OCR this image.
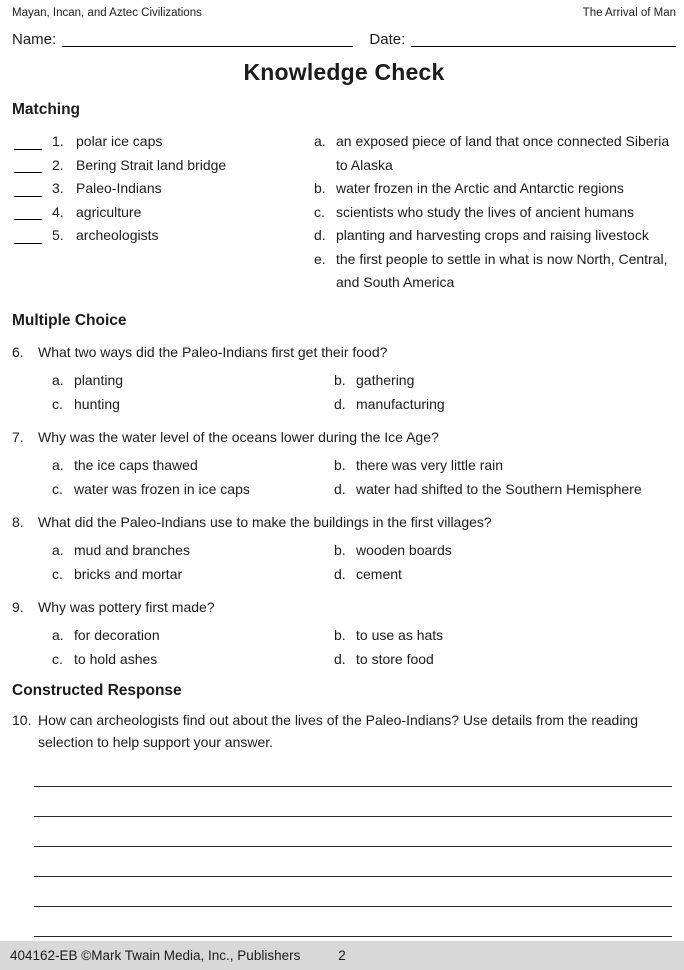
Mayan, Incan, and Aztec Civilizations	The Arrival of Man
Name:	Date:
Knowledge Check
Matching
1. polar ice caps
2. Bering Strait land bridge
3. Paleo-Indians
4. agriculture
5. archeologists
a. an exposed piece of land that once connected Siberia to Alaska
b. water frozen in the Arctic and Antarctic regions
c. scientists who study the lives of ancient humans
d. planting and harvesting crops and raising livestock
e. the first people to settle in what is now North, Central, and South America
Multiple Choice
6.	What two ways did the Paleo-Indians first get their food?
a. planting	b. gathering
c. hunting	d. manufacturing
7.	Why was the water level of the oceans lower during the Ice Age?
a. the ice caps thawed	b. there was very little rain
c. water was frozen in ice caps	d. water had shifted to the Southern Hemisphere
8.	What did the Paleo-Indians use to make the buildings in the first villages?
a. mud and branches	b. wooden boards
c. bricks and mortar	d. cement
9.	Why was pottery first made?
a. for decoration	b. to use as hats
c. to hold ashes	d. to store food
Constructed Response
10. How can archeologists find out about the lives of the Paleo-Indians? Use details from the reading selection to help support your answer.
404162-EB ©Mark Twain Media, Inc., Publishers	2
